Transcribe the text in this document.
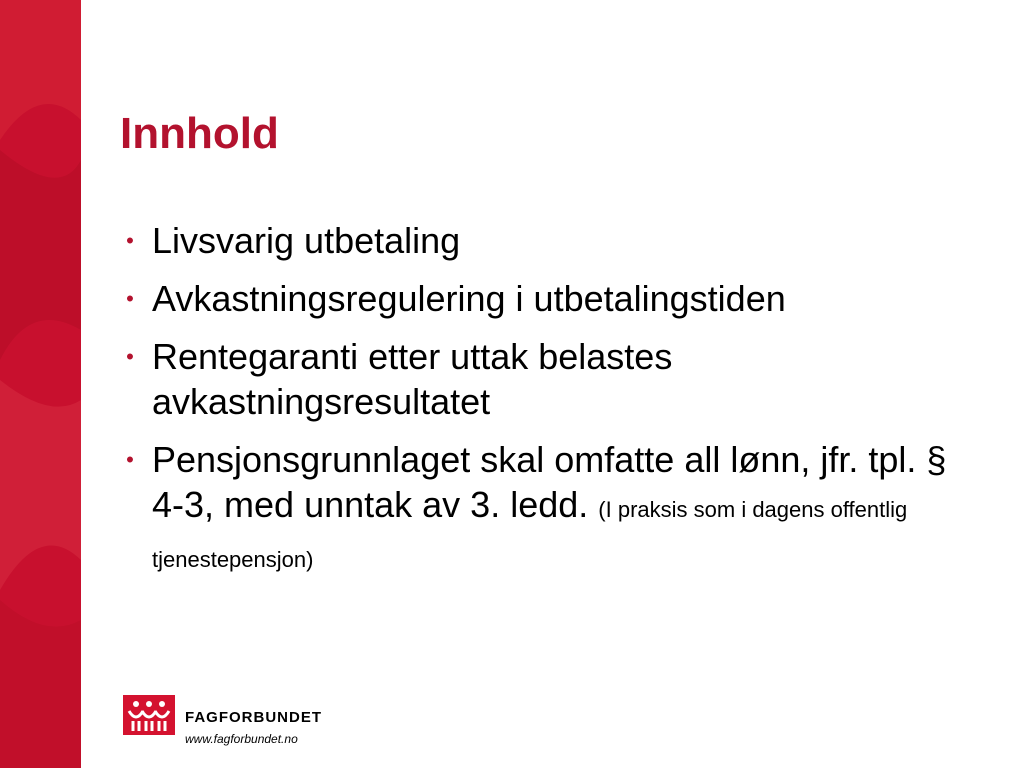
Innhold
• Livsvarig utbetaling
• Avkastningsregulering i utbetalingstiden
• Rentegaranti etter uttak belastes avkastningsresultatet
• Pensjonsgrunnlaget skal omfatte all lønn, jfr. tpl. § 4-3, med unntak av 3. ledd. (I praksis som i dagens offentlig tjenestepensjon)
FAGFORBUNDET
www.fagforbundet.no
